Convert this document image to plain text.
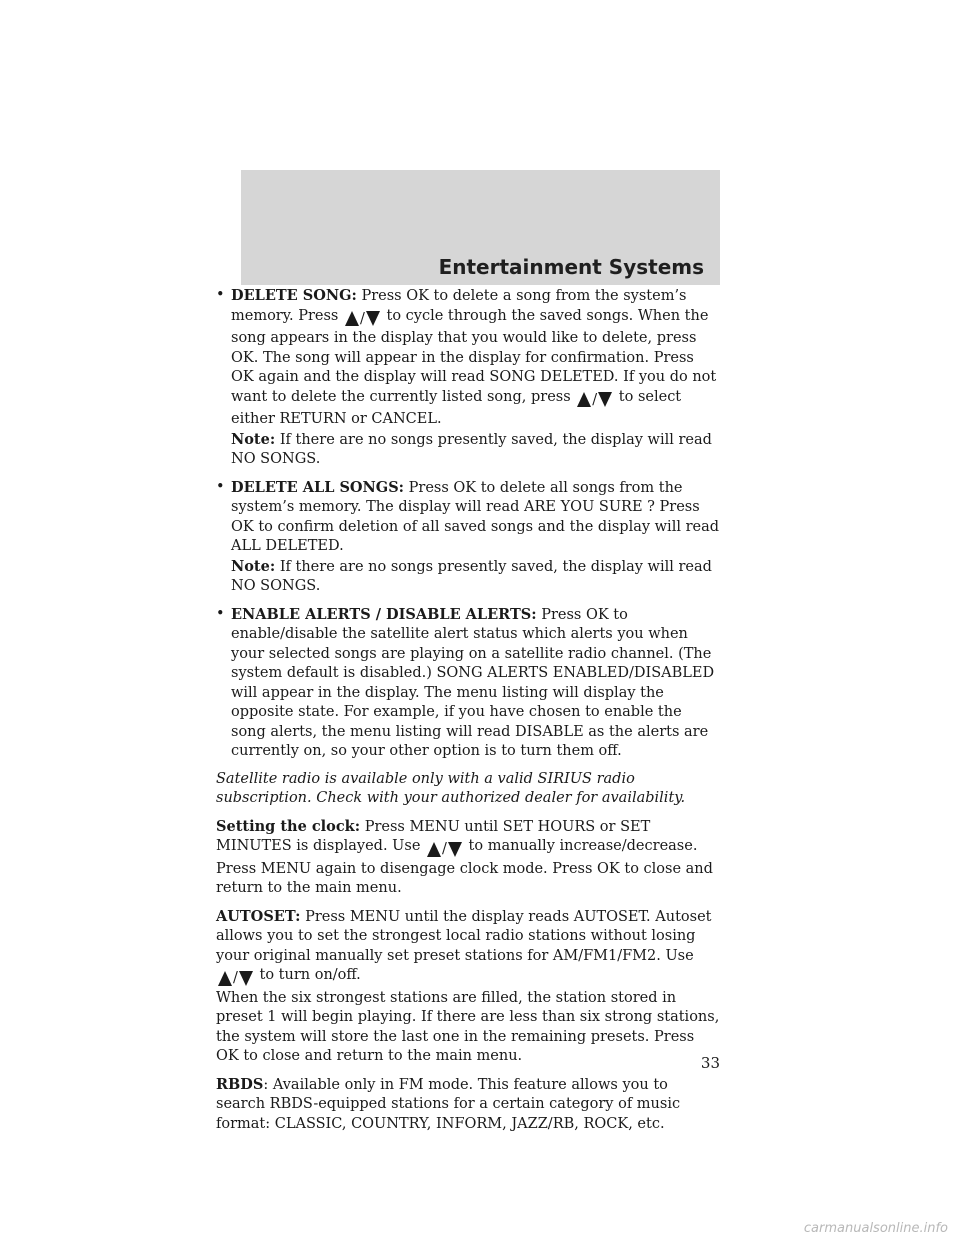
Entertainment Systems
• DELETE SONG: Press OK to delete a song from the system’s memory. Press / to cycle through the saved songs. When the song appears in the display that you would like to delete, press OK. The song will appear in the display for confirmation. Press OK again and the display will read SONG DELETED. If you do not want to delete the currently listed song, press / to select either RETURN or CANCEL.
Note: If there are no songs presently saved, the display will read NO SONGS.
• DELETE ALL SONGS: Press OK to delete all songs from the system’s memory. The display will read ARE YOU SURE ? Press OK to confirm deletion of all saved songs and the display will read ALL DELETED.
Note: If there are no songs presently saved, the display will read NO SONGS.
• ENABLE ALERTS / DISABLE ALERTS: Press OK to enable/disable the satellite alert status which alerts you when your selected songs are playing on a satellite radio channel. (The system default is disabled.) SONG ALERTS ENABLED/DISABLED will appear in the display. The menu listing will display the opposite state. For example, if you have chosen to enable the song alerts, the menu listing will read DISABLE as the alerts are currently on, so your other option is to turn them off.

Satellite radio is available only with a valid SIRIUS radio subscription. Check with your authorized dealer for availability.

Setting the clock: Press MENU until SET HOURS or SET MINUTES is displayed. Use / to manually increase/decrease. Press MENU again to disengage clock mode. Press OK to close and return to the main menu.

AUTOSET: Press MENU until the display reads AUTOSET. Autoset allows you to set the strongest local radio stations without losing your original manually set preset stations for AM/FM1/FM2. Use / to turn on/off.
When the six strongest stations are filled, the station stored in preset 1 will begin playing. If there are less than six strong stations, the system will store the last one in the remaining presets. Press OK to close and return to the main menu.

RBDS: Available only in FM mode. This feature allows you to search RBDS-equipped stations for a certain category of music format: CLASSIC, COUNTRY, INFORM, JAZZ/RB, ROCK, etc.

33
carmanualsonline.info
